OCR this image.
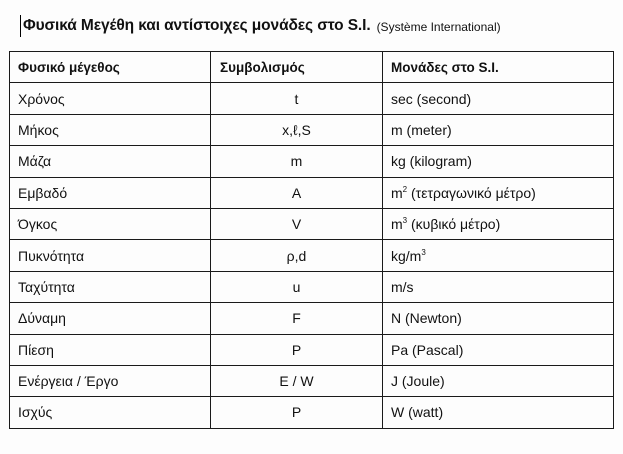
Φυσικά Μεγέθη και αντίστοιχες μονάδες στο S.I. (Système International)
Φυσικό μέγεθος	Συμβολισμός	Μονάδες στο S.I.
Χρόνος	t	sec (second)
Μήκος	x,ℓ,S	m (meter)
Μάζα	m	kg (kilogram)
Εμβαδό	A	$m^2$ (τετραγωνικό μέτρο)
Όγκος	V	$m^3$ (κυβικό μέτρο)
Πυκνότητα	ρ,d	$kg/m^3$
Ταχύτητα	u	m/s
Δύναμη	F	N (Newton)
Πίεση	P	Pa (Pascal)
Ενέργεια / Έργο	E / W	J (Joule)
Ισχύς	P	W (watt)
